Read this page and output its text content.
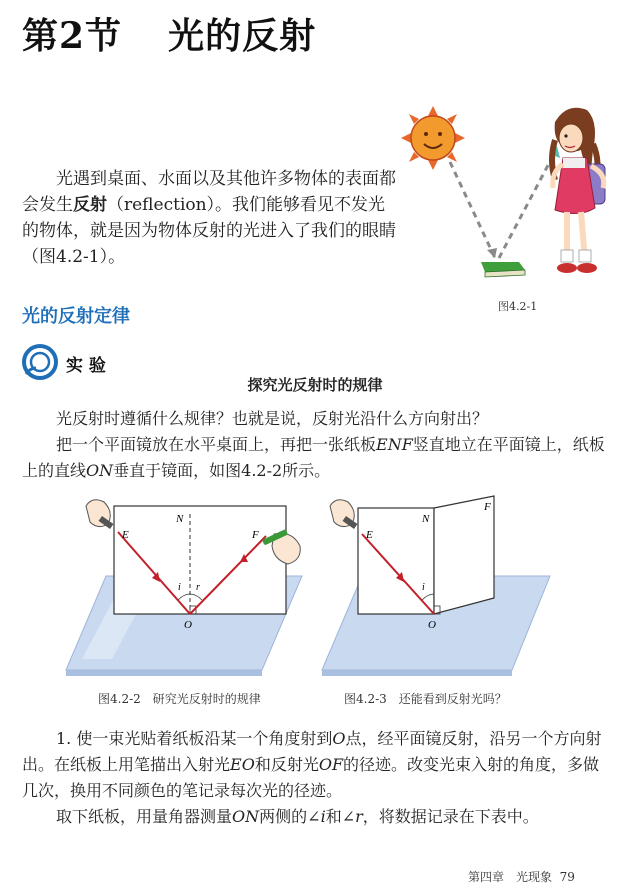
第2节 光的反射
光遇到桌面、水面以及其他许多物体的表面都会发生反射（reflection）。我们能够看见不发光的物体，就是因为物体反射的光进入了我们的眼睛（图4.2-1）。
图4.2-1
光的反射定律
实 验
探究光反射时的规律
光反射时遵循什么规律？也就是说，反射光沿什么方向射出？
把一个平面镜放在水平桌面上，再把一张纸板ENF竖直地立在平面镜上，纸板上的直线ON垂直于镜面，如图4.2-2所示。
E
N
F
O
i r
E
N
F
O
i
图4.2-2　研究光反射时的规律	图4.2-3　还能看到反射光吗？
1. 使一束光贴着纸板沿某一个角度射到O点，经平面镜反射，沿另一个方向射出。在纸板上用笔描出入射光EO和反射光OF的径迹。改变光束入射的角度，多做几次，换用不同颜色的笔记录每次光的径迹。
取下纸板，用量角器测量ON两侧的∠i和∠r，将数据记录在下表中。
第四章　光现象 79
